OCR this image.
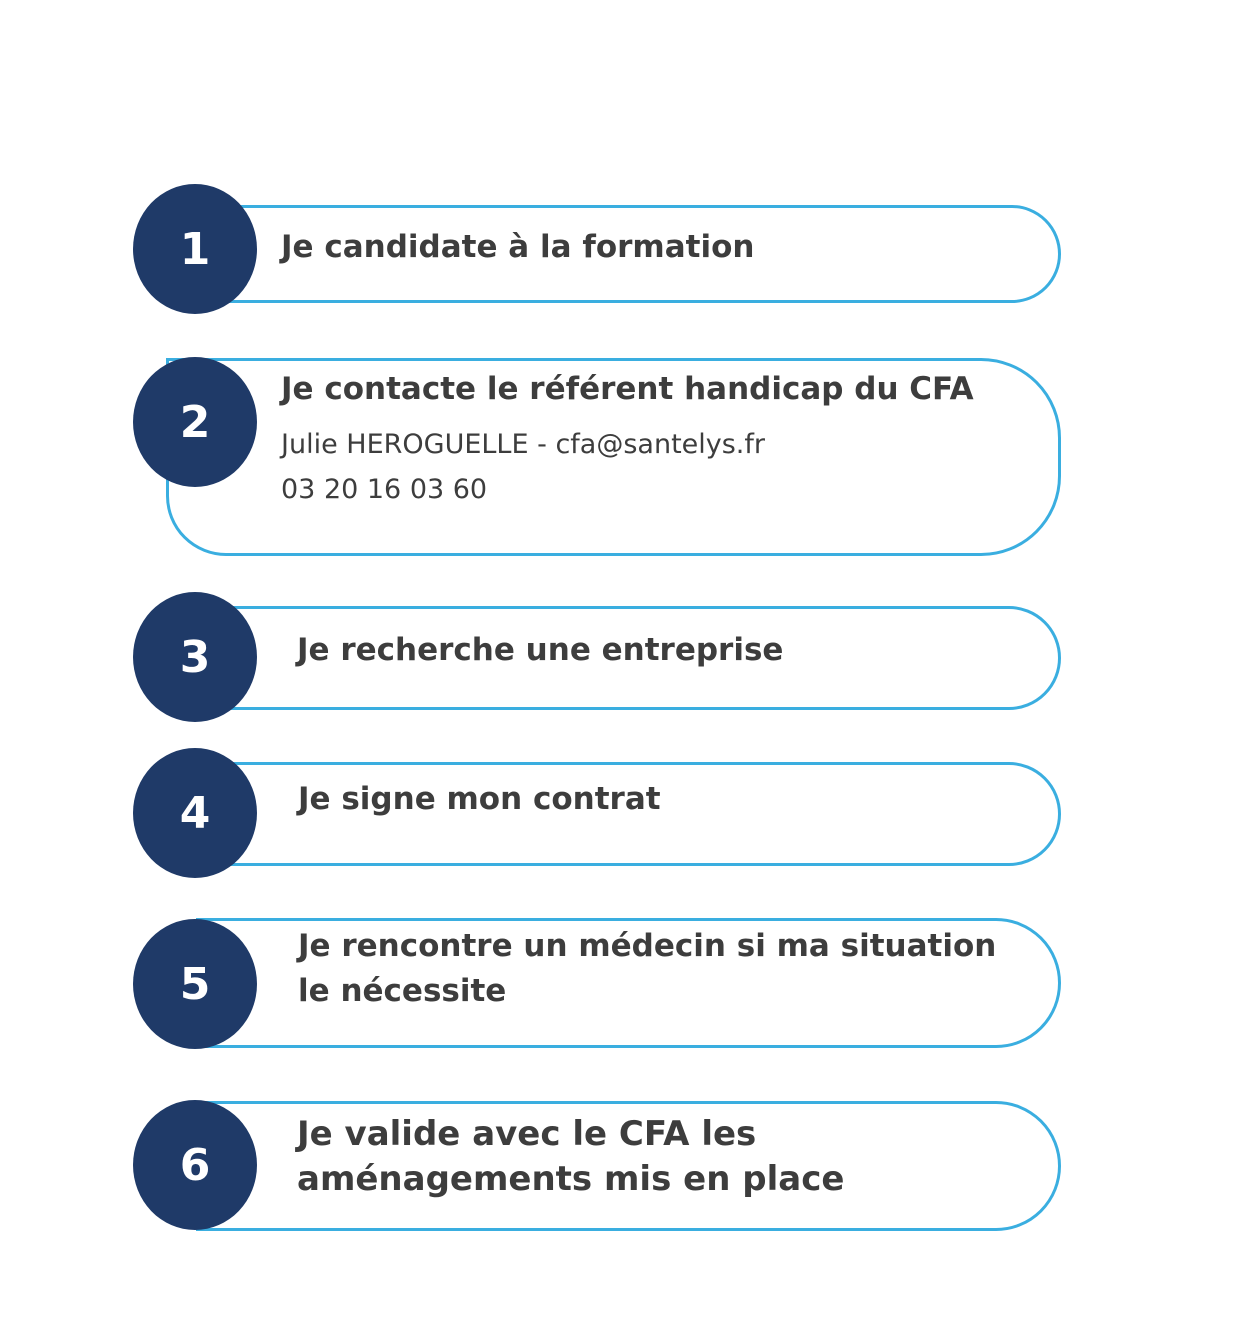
1 Je candidate à la formation
2
Je contacte le référent handicap du CFA
Julie HEROGUELLE - cfa@santelys.fr
03 20 16 03 60
3	Je recherche une entreprise
4	Je signe mon contrat
5
Je rencontre un médecin si ma situation
le nécessite
6
Je valide avec le CFA les
aménagements mis en place
